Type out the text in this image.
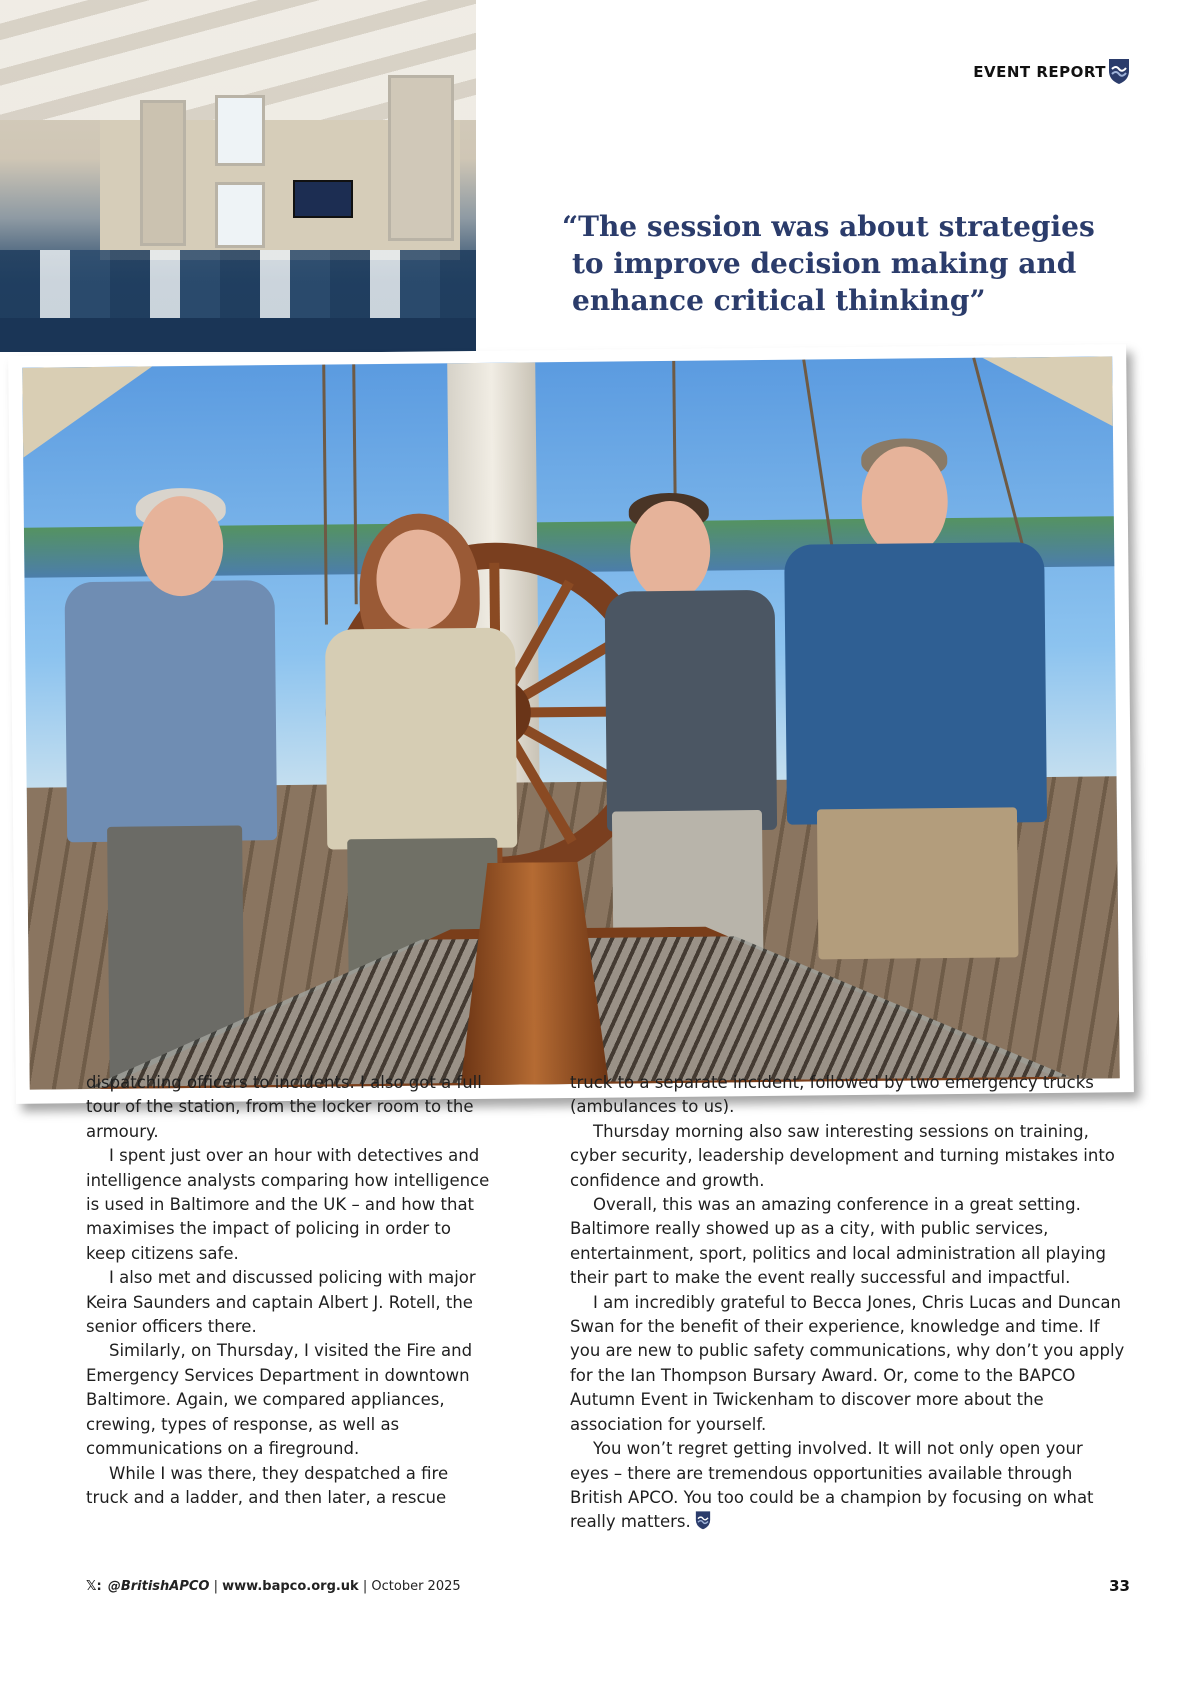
EVENT REPORT
“The session was about strategies
to improve decision making and
enhance critical thinking”

dispatching officers to incidents. I also got a full tour of the station, from the locker room to the armoury.

I spent just over an hour with detectives and intelligence analysts comparing how intelligence is used in Baltimore and the UK – and how that maximises the impact of policing in order to keep citizens safe.

I also met and discussed policing with major Keira Saunders and captain Albert J. Rotell, the senior officers there.

Similarly, on Thursday, I visited the Fire and Emergency Services Department in downtown Baltimore. Again, we compared appliances, crewing, types of response, as well as communications on a fireground.

While I was there, they despatched a fire truck and a ladder, and then later, a rescue

truck to a separate incident, followed by two emergency trucks (ambulances to us).

Thursday morning also saw interesting sessions on training, cyber security, leadership development and turning mistakes into confidence and growth.

Overall, this was an amazing conference in a great setting. Baltimore really showed up as a city, with public services, entertainment, sport, politics and local administration all playing their part to make the event really successful and impactful.

I am incredibly grateful to Becca Jones, Chris Lucas and Duncan Swan for the benefit of their experience, knowledge and time. If you are new to public safety communications, why don’t you apply for the Ian Thompson Bursary Award. Or, come to the BAPCO Autumn Event in Twickenham to discover more about the association for yourself.

You won’t regret getting involved. It will not only open your eyes – there are tremendous opportunities available through British APCO. You too could be a champion by focusing on what really matters.

𝕏: @BritishAPCO | www.bapco.org.uk | October 2025	33
